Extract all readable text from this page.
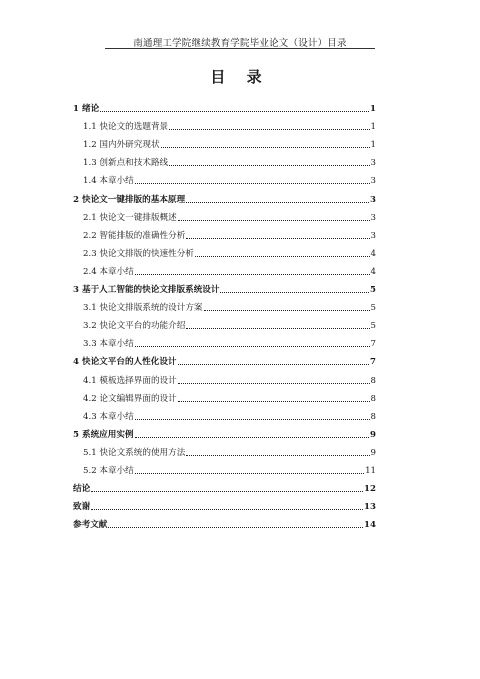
南通理工学院继续教育学院毕业论文（设计）目录
目 录
1 绪论	1
1.1 快论文的选题背景	1
1.2 国内外研究现状	1
1.3 创新点和技术路线	3
1.4 本章小结	3
2 快论文一键排版的基本原理	3
2.1 快论文一键排版概述	3
2.2 智能排版的准确性分析	3
2.3 快论文排版的快速性分析	4
2.4 本章小结	4
3 基于人工智能的快论文排版系统设计	5
3.1 快论文排版系统的设计方案	5
3.2 快论文平台的功能介绍	5
3.3 本章小结	7
4 快论文平台的人性化设计	7
4.1 模板选择界面的设计	8
4.2 论文编辑界面的设计	8
4.3 本章小结	8
5 系统应用实例	9
5.1 快论文系统的使用方法	9
5.2 本章小结	11
结论	12
致谢	13
参考文献	14
